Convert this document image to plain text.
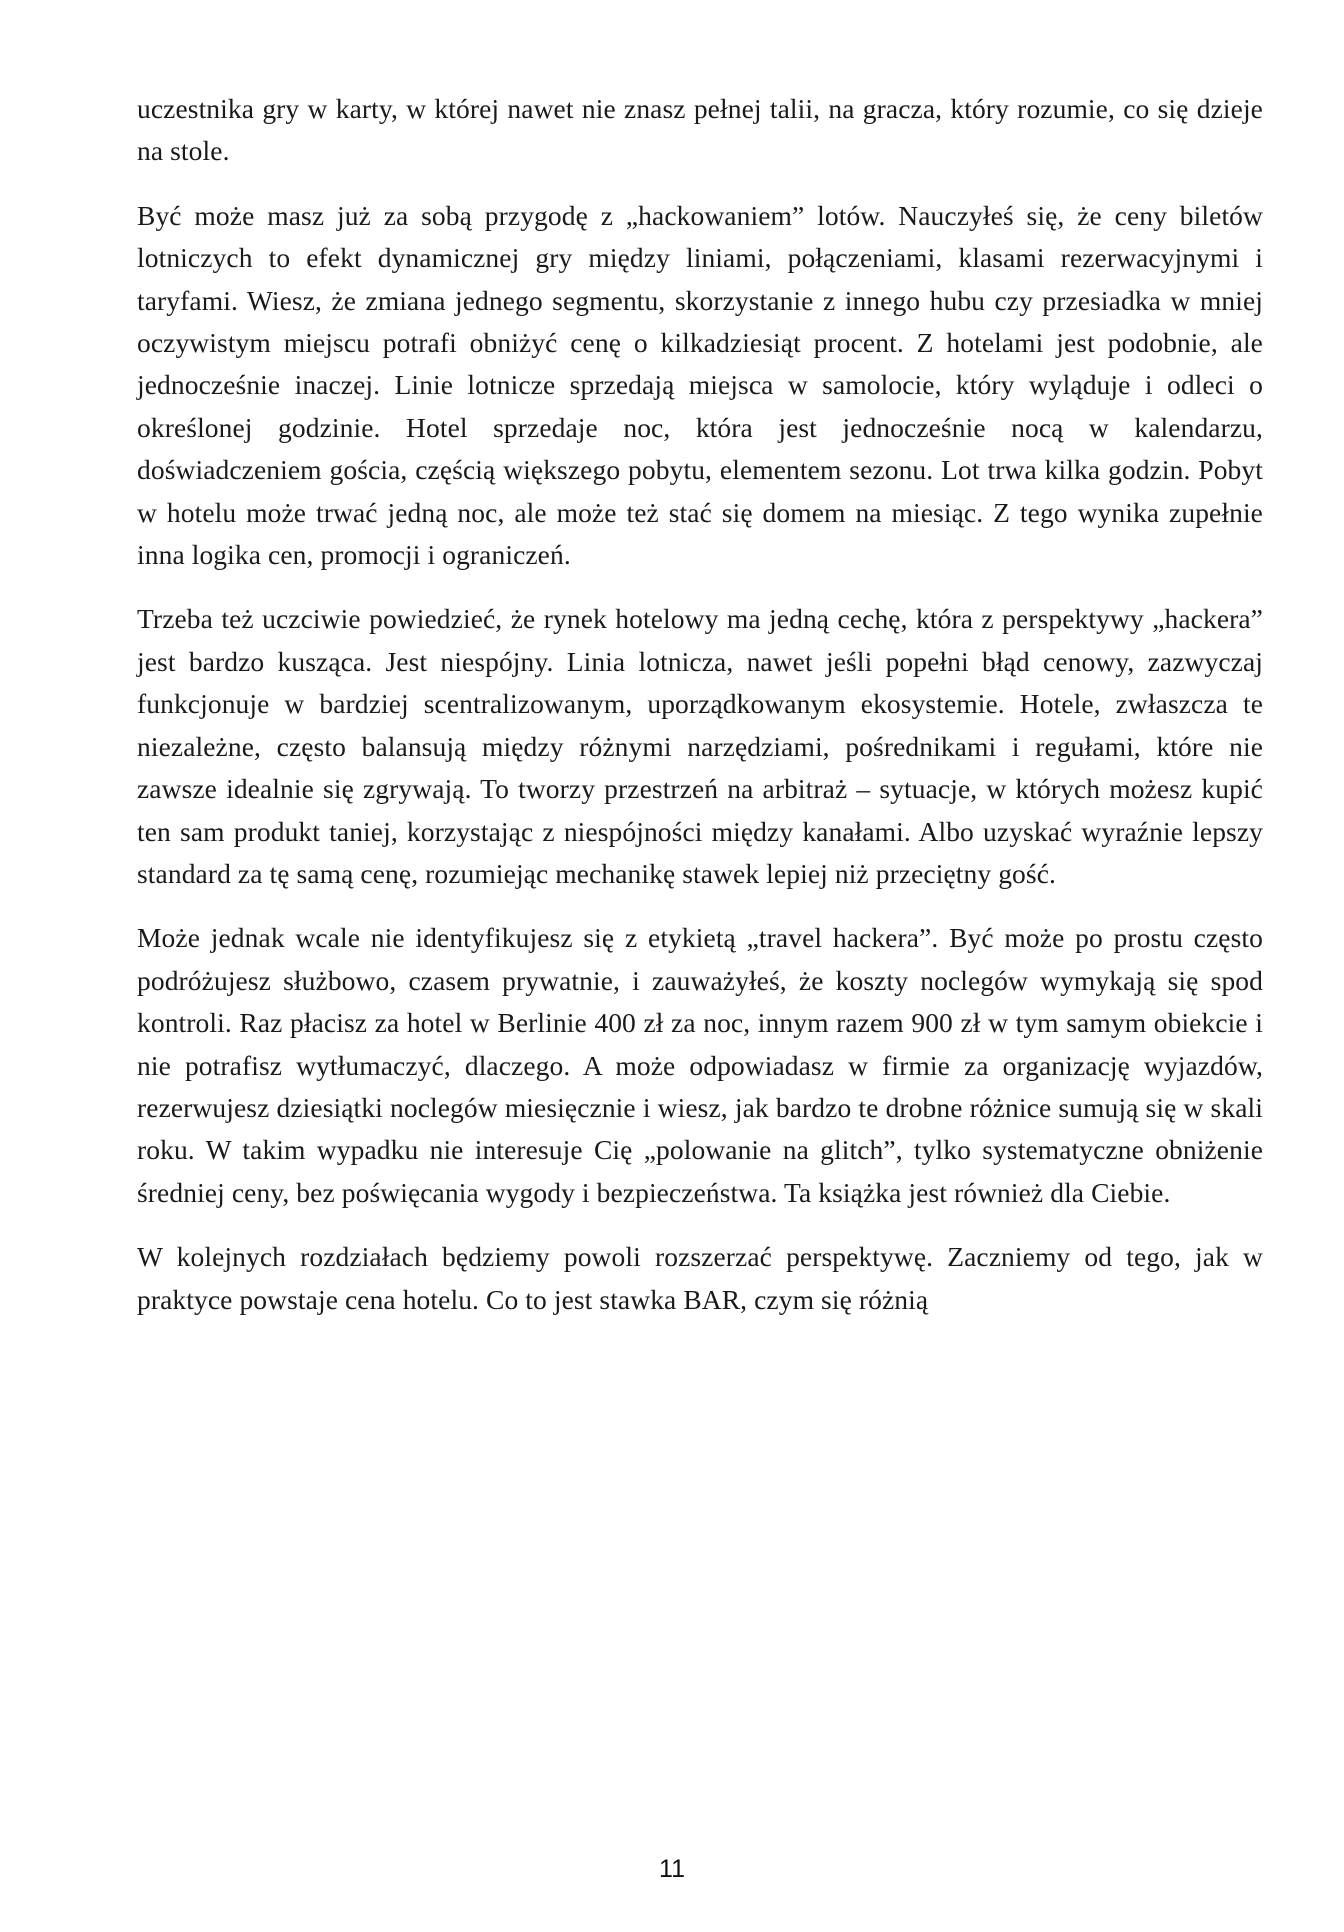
uczestnika gry w karty, w której nawet nie znasz pełnej talii, na gracza, który rozumie, co się dzieje na stole.

Być może masz już za sobą przygodę z „hackowaniem” lotów. Nauczyłeś się, że ceny biletów lotniczych to efekt dynamicznej gry między liniami, połączeniami, klasami rezerwacyjnymi i taryfami. Wiesz, że zmiana jednego segmentu, skorzystanie z innego hubu czy przesiadka w mniej oczywistym miejscu potrafi obniżyć cenę o kilkadziesiąt procent. Z hotelami jest podobnie, ale jednocześnie inaczej. Linie lotnicze sprzedają miejsca w samolocie, który wyląduje i odleci o określonej godzinie. Hotel sprzedaje noc, która jest jednocześnie nocą w kalendarzu, doświadczeniem gościa, częścią większego pobytu, elementem sezonu. Lot trwa kilka godzin. Pobyt w hotelu może trwać jedną noc, ale może też stać się domem na miesiąc. Z tego wynika zupełnie inna logika cen, promocji i ograniczeń.

Trzeba też uczciwie powiedzieć, że rynek hotelowy ma jedną cechę, która z perspektywy „hackera” jest bardzo kusząca. Jest niespójny. Linia lotnicza, nawet jeśli popełni błąd cenowy, zazwyczaj funkcjonuje w bardziej scentralizowanym, uporządkowanym ekosystemie. Hotele, zwłaszcza te niezależne, często balansują między różnymi narzędziami, pośrednikami i regułami, które nie zawsze idealnie się zgrywają. To tworzy przestrzeń na arbitraż – sytuacje, w których możesz kupić ten sam produkt taniej, korzystając z niespójności między kanałami. Albo uzyskać wyraźnie lepszy standard za tę samą cenę, rozumiejąc mechanikę stawek lepiej niż przeciętny gość.

Może jednak wcale nie identyfikujesz się z etykietą „travel hackera”. Być może po prostu często podróżujesz służbowo, czasem prywatnie, i zauważyłeś, że koszty noclegów wymykają się spod kontroli. Raz płacisz za hotel w Berlinie 400 zł za noc, innym razem 900 zł w tym samym obiekcie i nie potrafisz wytłumaczyć, dlaczego. A może odpowiadasz w firmie za organizację wyjazdów, rezerwujesz dziesiątki noclegów miesięcznie i wiesz, jak bardzo te drobne różnice sumują się w skali roku. W takim wypadku nie interesuje Cię „polowanie na glitch”, tylko systematyczne obniżenie średniej ceny, bez poświęcania wygody i bezpieczeństwa. Ta książka jest również dla Ciebie.

W kolejnych rozdziałach będziemy powoli rozszerzać perspektywę. Zaczniemy od tego, jak w praktyce powstaje cena hotelu. Co to jest stawka BAR, czym się różnią

11
